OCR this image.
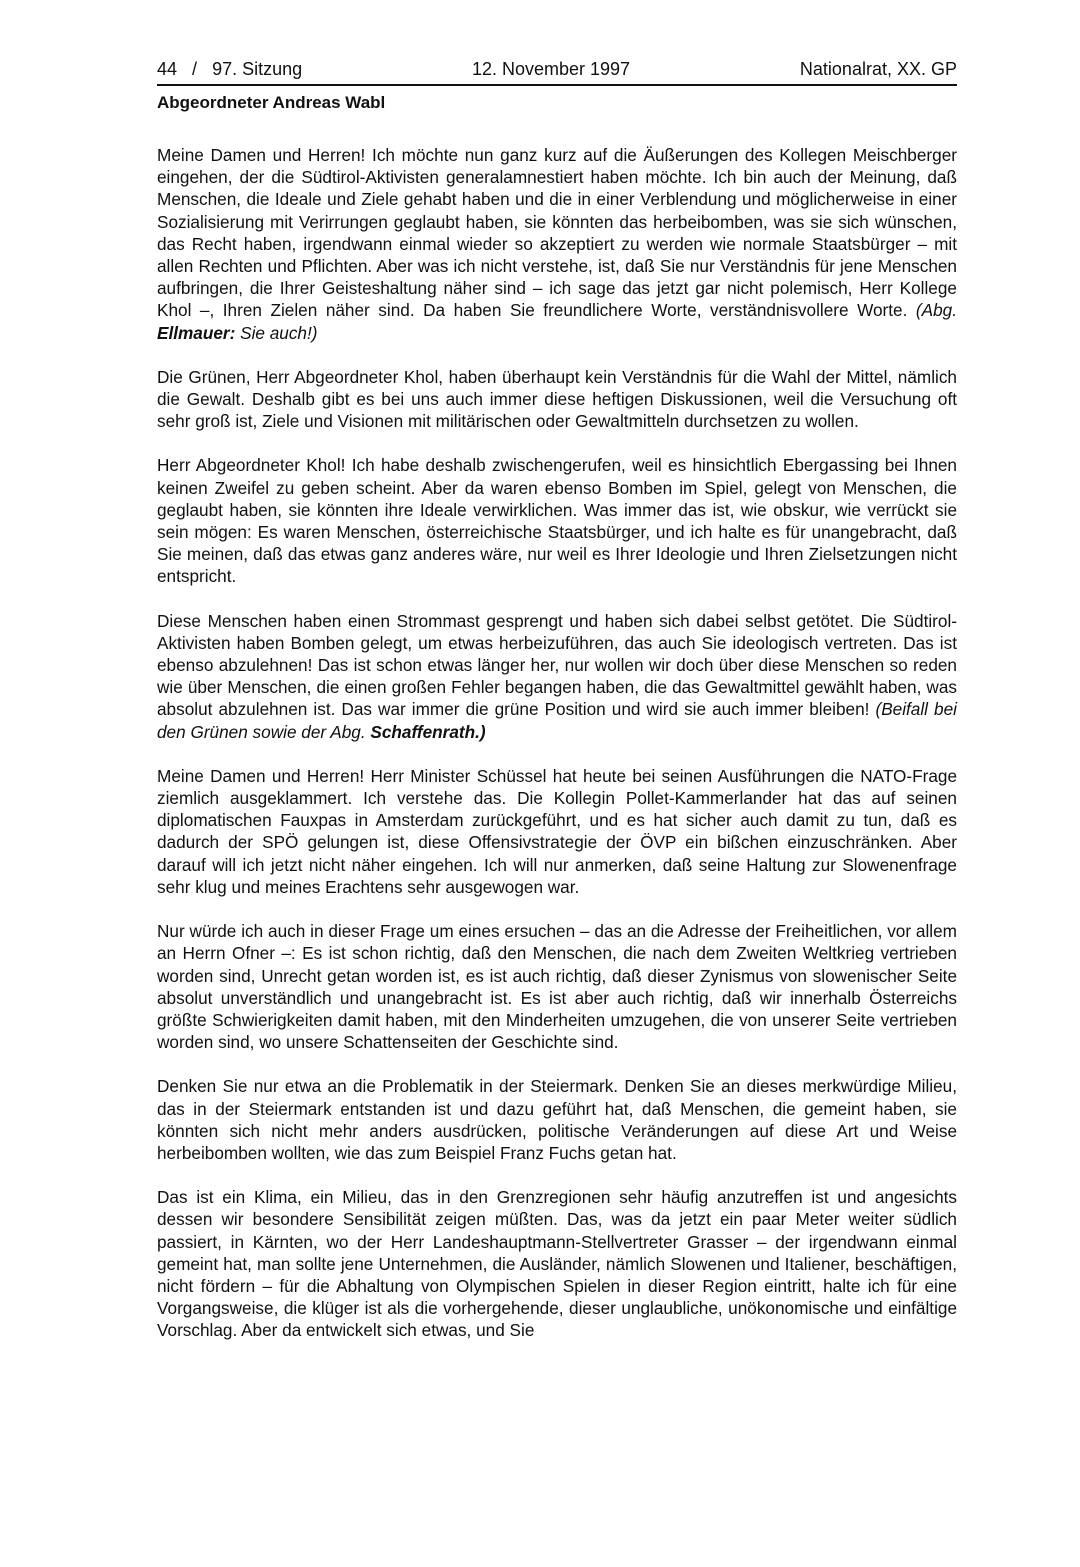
44 / 97. Sitzung	12. November 1997	Nationalrat, XX. GP
Abgeordneter Andreas Wabl

Meine Damen und Herren! Ich möchte nun ganz kurz auf die Äußerungen des Kollegen Meischberger eingehen, der die Südtirol-Aktivisten generalamnestiert haben möchte. Ich bin auch der Meinung, daß Menschen, die Ideale und Ziele gehabt haben und die in einer Verblendung und möglicherweise in einer Sozialisierung mit Verirrungen geglaubt haben, sie könnten das herbeibomben, was sie sich wünschen, das Recht haben, irgendwann einmal wieder so akzeptiert zu werden wie normale Staatsbürger – mit allen Rechten und Pflichten. Aber was ich nicht verstehe, ist, daß Sie nur Verständnis für jene Menschen aufbringen, die Ihrer Geisteshaltung näher sind – ich sage das jetzt gar nicht polemisch, Herr Kollege Khol –, Ihren Zielen näher sind. Da haben Sie freundlichere Worte, verständnisvollere Worte. (Abg. Ellmauer: Sie auch!)

Die Grünen, Herr Abgeordneter Khol, haben überhaupt kein Verständnis für die Wahl der Mittel, nämlich die Gewalt. Deshalb gibt es bei uns auch immer diese heftigen Diskussionen, weil die Versuchung oft sehr groß ist, Ziele und Visionen mit militärischen oder Gewaltmitteln durchsetzen zu wollen.

Herr Abgeordneter Khol! Ich habe deshalb zwischengerufen, weil es hinsichtlich Ebergassing bei Ihnen keinen Zweifel zu geben scheint. Aber da waren ebenso Bomben im Spiel, gelegt von Menschen, die geglaubt haben, sie könnten ihre Ideale verwirklichen. Was immer das ist, wie obskur, wie verrückt sie sein mögen: Es waren Menschen, österreichische Staatsbürger, und ich halte es für unangebracht, daß Sie meinen, daß das etwas ganz anderes wäre, nur weil es Ihrer Ideologie und Ihren Zielsetzungen nicht entspricht.

Diese Menschen haben einen Strommast gesprengt und haben sich dabei selbst getötet. Die Südtirol-Aktivisten haben Bomben gelegt, um etwas herbeizuführen, das auch Sie ideologisch vertreten. Das ist ebenso abzulehnen! Das ist schon etwas länger her, nur wollen wir doch über diese Menschen so reden wie über Menschen, die einen großen Fehler begangen haben, die das Gewaltmittel gewählt haben, was absolut abzulehnen ist. Das war immer die grüne Position und wird sie auch immer bleiben! (Beifall bei den Grünen sowie der Abg. Schaffenrath.)

Meine Damen und Herren! Herr Minister Schüssel hat heute bei seinen Ausführungen die NATO-Frage ziemlich ausgeklammert. Ich verstehe das. Die Kollegin Pollet-Kammerlander hat das auf seinen diplomatischen Fauxpas in Amsterdam zurückgeführt, und es hat sicher auch damit zu tun, daß es dadurch der SPÖ gelungen ist, diese Offensivstrategie der ÖVP ein bißchen einzuschränken. Aber darauf will ich jetzt nicht näher eingehen. Ich will nur anmerken, daß seine Haltung zur Slowenenfrage sehr klug und meines Erachtens sehr ausgewogen war.

Nur würde ich auch in dieser Frage um eines ersuchen – das an die Adresse der Freiheitlichen, vor allem an Herrn Ofner –: Es ist schon richtig, daß den Menschen, die nach dem Zweiten Weltkrieg vertrieben worden sind, Unrecht getan worden ist, es ist auch richtig, daß dieser Zynismus von slowenischer Seite absolut unverständlich und unangebracht ist. Es ist aber auch richtig, daß wir innerhalb Österreichs größte Schwierigkeiten damit haben, mit den Minderheiten umzugehen, die von unserer Seite vertrieben worden sind, wo unsere Schattenseiten der Geschichte sind.

Denken Sie nur etwa an die Problematik in der Steiermark. Denken Sie an dieses merkwürdige Milieu, das in der Steiermark entstanden ist und dazu geführt hat, daß Menschen, die gemeint haben, sie könnten sich nicht mehr anders ausdrücken, politische Veränderungen auf diese Art und Weise herbeibomben wollten, wie das zum Beispiel Franz Fuchs getan hat.

Das ist ein Klima, ein Milieu, das in den Grenzregionen sehr häufig anzutreffen ist und angesichts dessen wir besondere Sensibilität zeigen müßten. Das, was da jetzt ein paar Meter weiter südlich passiert, in Kärnten, wo der Herr Landeshauptmann-Stellvertreter Grasser – der irgendwann einmal gemeint hat, man sollte jene Unternehmen, die Ausländer, nämlich Slowenen und Italiener, beschäftigen, nicht fördern – für die Abhaltung von Olympischen Spielen in dieser Region eintritt, halte ich für eine Vorgangsweise, die klüger ist als die vorhergehende, dieser unglaubliche, unökonomische und einfältige Vorschlag. Aber da entwickelt sich etwas, und Sie
